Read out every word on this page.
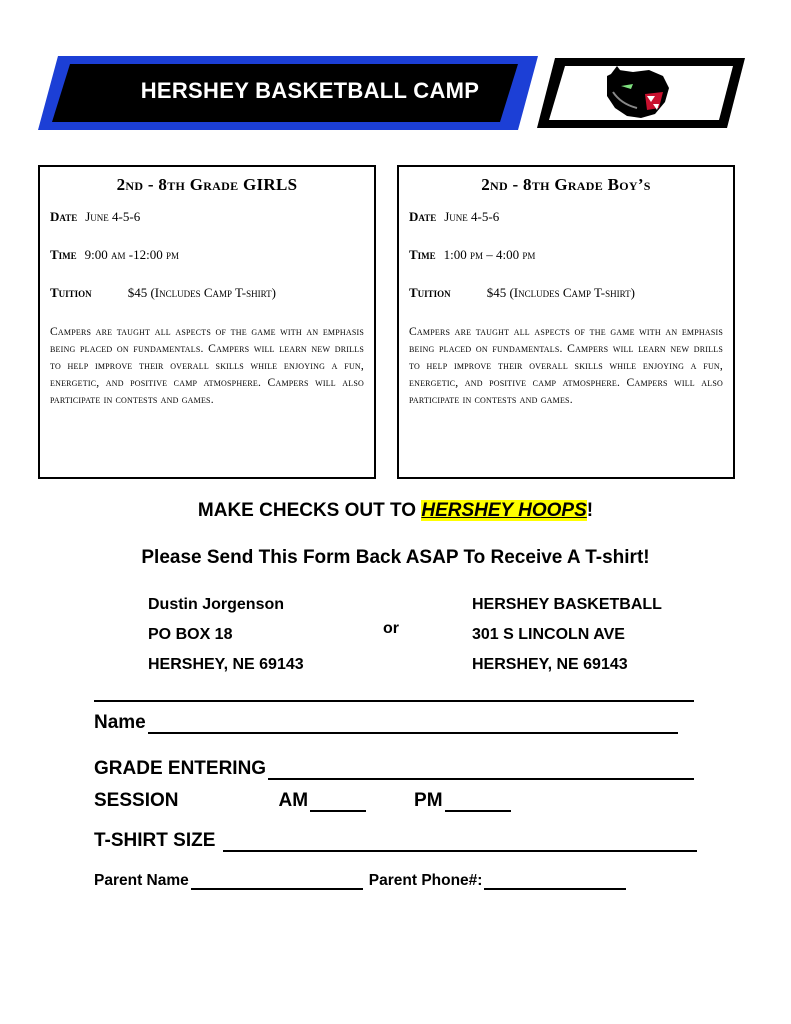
HERSHEY BASKETBALL CAMP
2nd - 8th Grade GIRLS
Date June 4-5-6
Time 9:00 am -12:00 pm
Tuition	$45 (Includes Camp T-shirt)
Campers are taught all aspects of the game with an emphasis being placed on fundamentals. Campers will learn new drills to help improve their overall skills while enjoying a fun, energetic, and positive camp atmosphere. Campers will also participate in contests and games.
2nd - 8th Grade Boy’s
Date June 4-5-6
Time 1:00 pm – 4:00 pm
Tuition	$45 (Includes Camp T-shirt)
Campers are taught all aspects of the game with an emphasis being placed on fundamentals. Campers will learn new drills to help improve their overall skills while enjoying a fun, energetic, and positive camp atmosphere. Campers will also participate in contests and games.
MAKE CHECKS OUT TO HERSHEY HOOPS!
Please Send This Form Back ASAP To Receive A T-shirt!
Dustin Jorgenson
PO BOX 18
HERSHEY, NE 69143
or
HERSHEY BASKETBALL
301 S LINCOLN AVE
HERSHEY, NE 69143
Name
GRADE ENTERING
SESSION	AM	PM
T-SHIRT SIZE
Parent Name	Parent Phone#:
